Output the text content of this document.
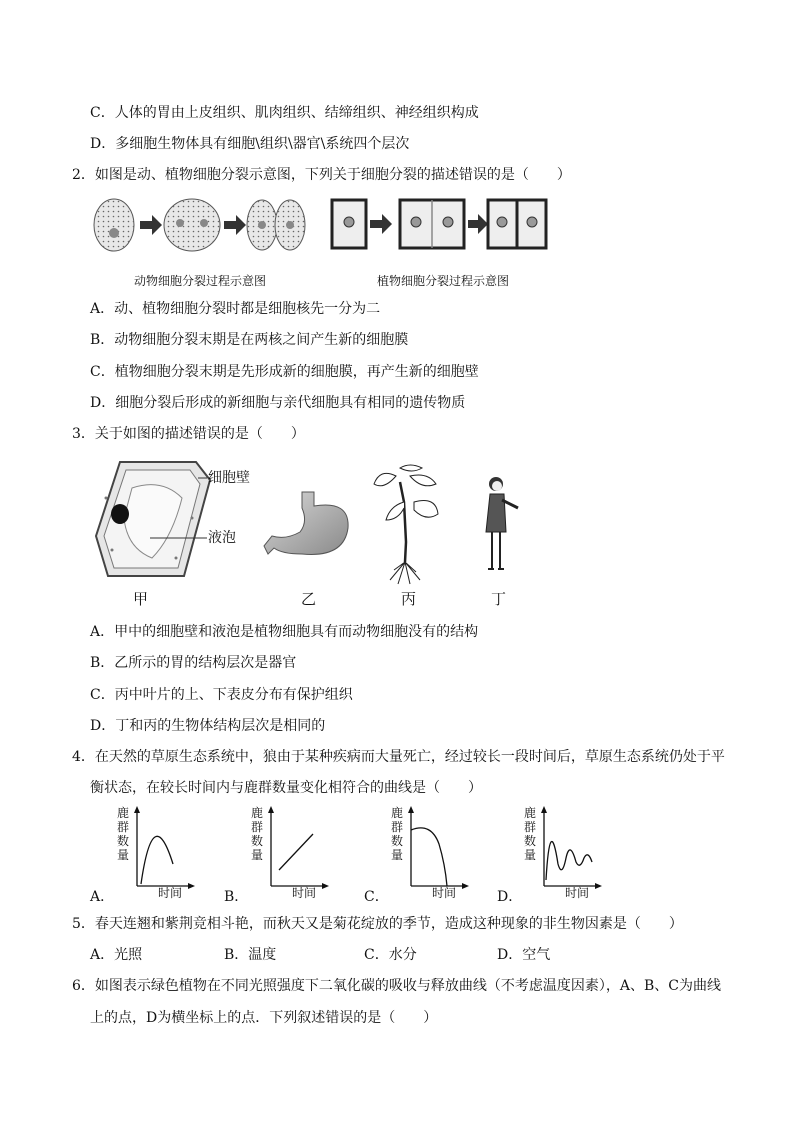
C．人体的胃由上皮组织、肌肉组织、结缔组织、神经组织构成
D．多细胞生物体具有细胞\组织\器官\系统四个层次
2．如图是动、植物细胞分裂示意图，下列关于细胞分裂的描述错误的是（　　）
动物细胞分裂过程示意图	植物细胞分裂过程示意图
A．动、植物细胞分裂时都是细胞核先一分为二
B．动物细胞分裂末期是在两核之间产生新的细胞膜
C．植物细胞分裂末期是先形成新的细胞膜，再产生新的细胞壁
D．细胞分裂后形成的新细胞与亲代细胞具有相同的遗传物质
3．关于如图的描述错误的是（　　）
细胞壁
液泡
甲	乙	丙	丁
A．甲中的细胞壁和液泡是植物细胞具有而动物细胞没有的结构
B．乙所示的胃的结构层次是器官
C．丙中叶片的上、下表皮分布有保护组织
D．丁和丙的生物体结构层次是相同的
4．在天然的草原生态系统中，狼由于某种疾病而大量死亡，经过较长一段时间后，草原生态系统仍处于平
衡状态，在较长时间内与鹿群数量变化相符合的曲线是（　　）
A．
鹿
群
数
量
时间	B．
鹿
群
数
量
时间	C．
鹿
群
数
量
时间	D．
鹿
群
数
量
时间
5．春天连翘和紫荆竞相斗艳，而秋天又是菊花绽放的季节，造成这种现象的非生物因素是（　　）
A．光照	B．温度	C．水分	D．空气
6．如图表示绿色植物在不同光照强度下二氧化碳的吸收与释放曲线（不考虑温度因素），A、B、C为曲线
上的点，D为横坐标上的点．下列叙述错误的是（　　）
